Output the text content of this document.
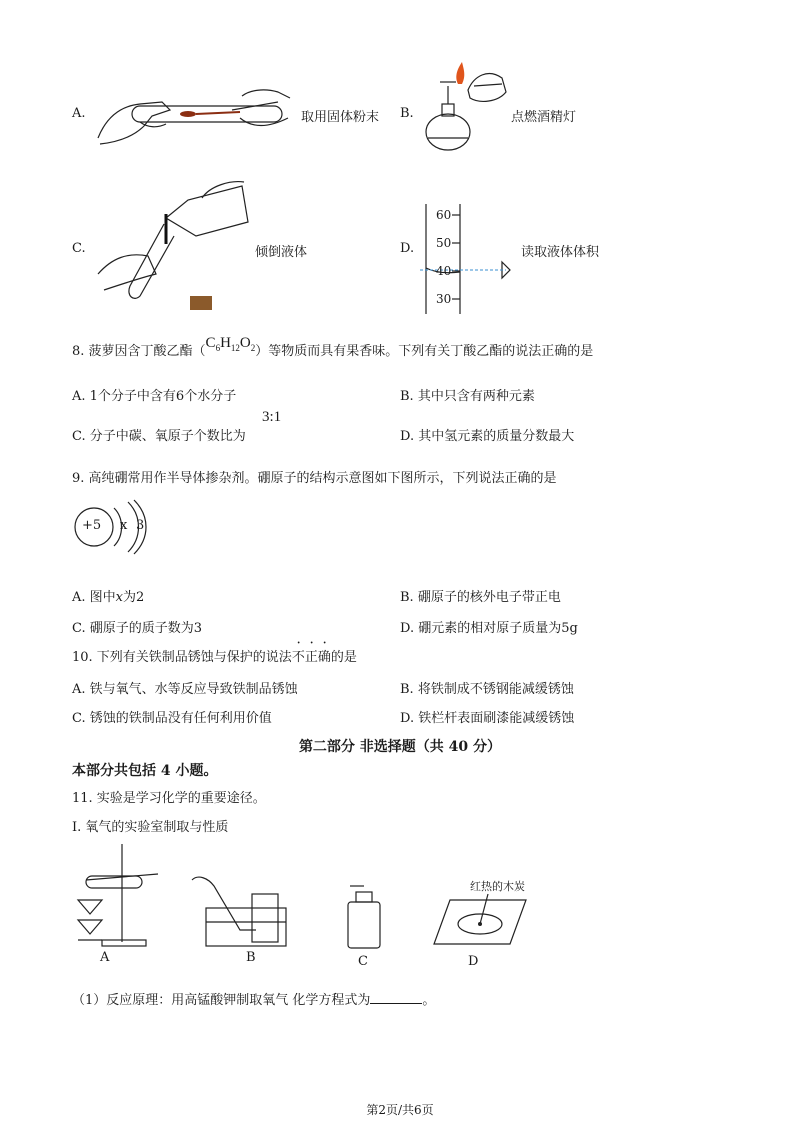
A.	取用固体粉末 B.	点燃酒精灯
C.	倾倒液体	D.
60
50
40
30
读取液体体积
8. 菠萝因含丁酸乙酯$(C_6H_{12}O_2)$等物质而具有果香味。下列有关丁酸乙酯的说法正确的是
A. 1个分子中含有6个水分子	B. 其中只含有两种元素
C. 分子中碳、氧原子个数比为
3:1
D. 其中氢元素的质量分数最大
9. 高纯硼常用作半导体掺杂剂。硼原子的结构示意图如下图所示，下列说法正确的是
+5 x 3
A. 图中x为2	B. 硼原子的核外电子带正电
C. 硼原子的质子数为3	D. 硼元素的相对原子质量为5g
10. 下列有关铁制品锈蚀与保护的说法不正确的是
A. 铁与氧气、水等反应导致铁制品锈蚀	B. 将铁制成不锈钢能减缓锈蚀
C. 锈蚀的铁制品没有任何利用价值	D. 铁栏杆表面刷漆能减缓锈蚀
第二部分 非选择题（共 40 分）
本部分共包括 4 小题。
11. 实验是学习化学的重要途径。
I. 氧气的实验室制取与性质
A	B	C
红热的木炭
D
（1）反应原理：用高锰酸钾制取氧气 化学方程式为	。
第2页/共6页
